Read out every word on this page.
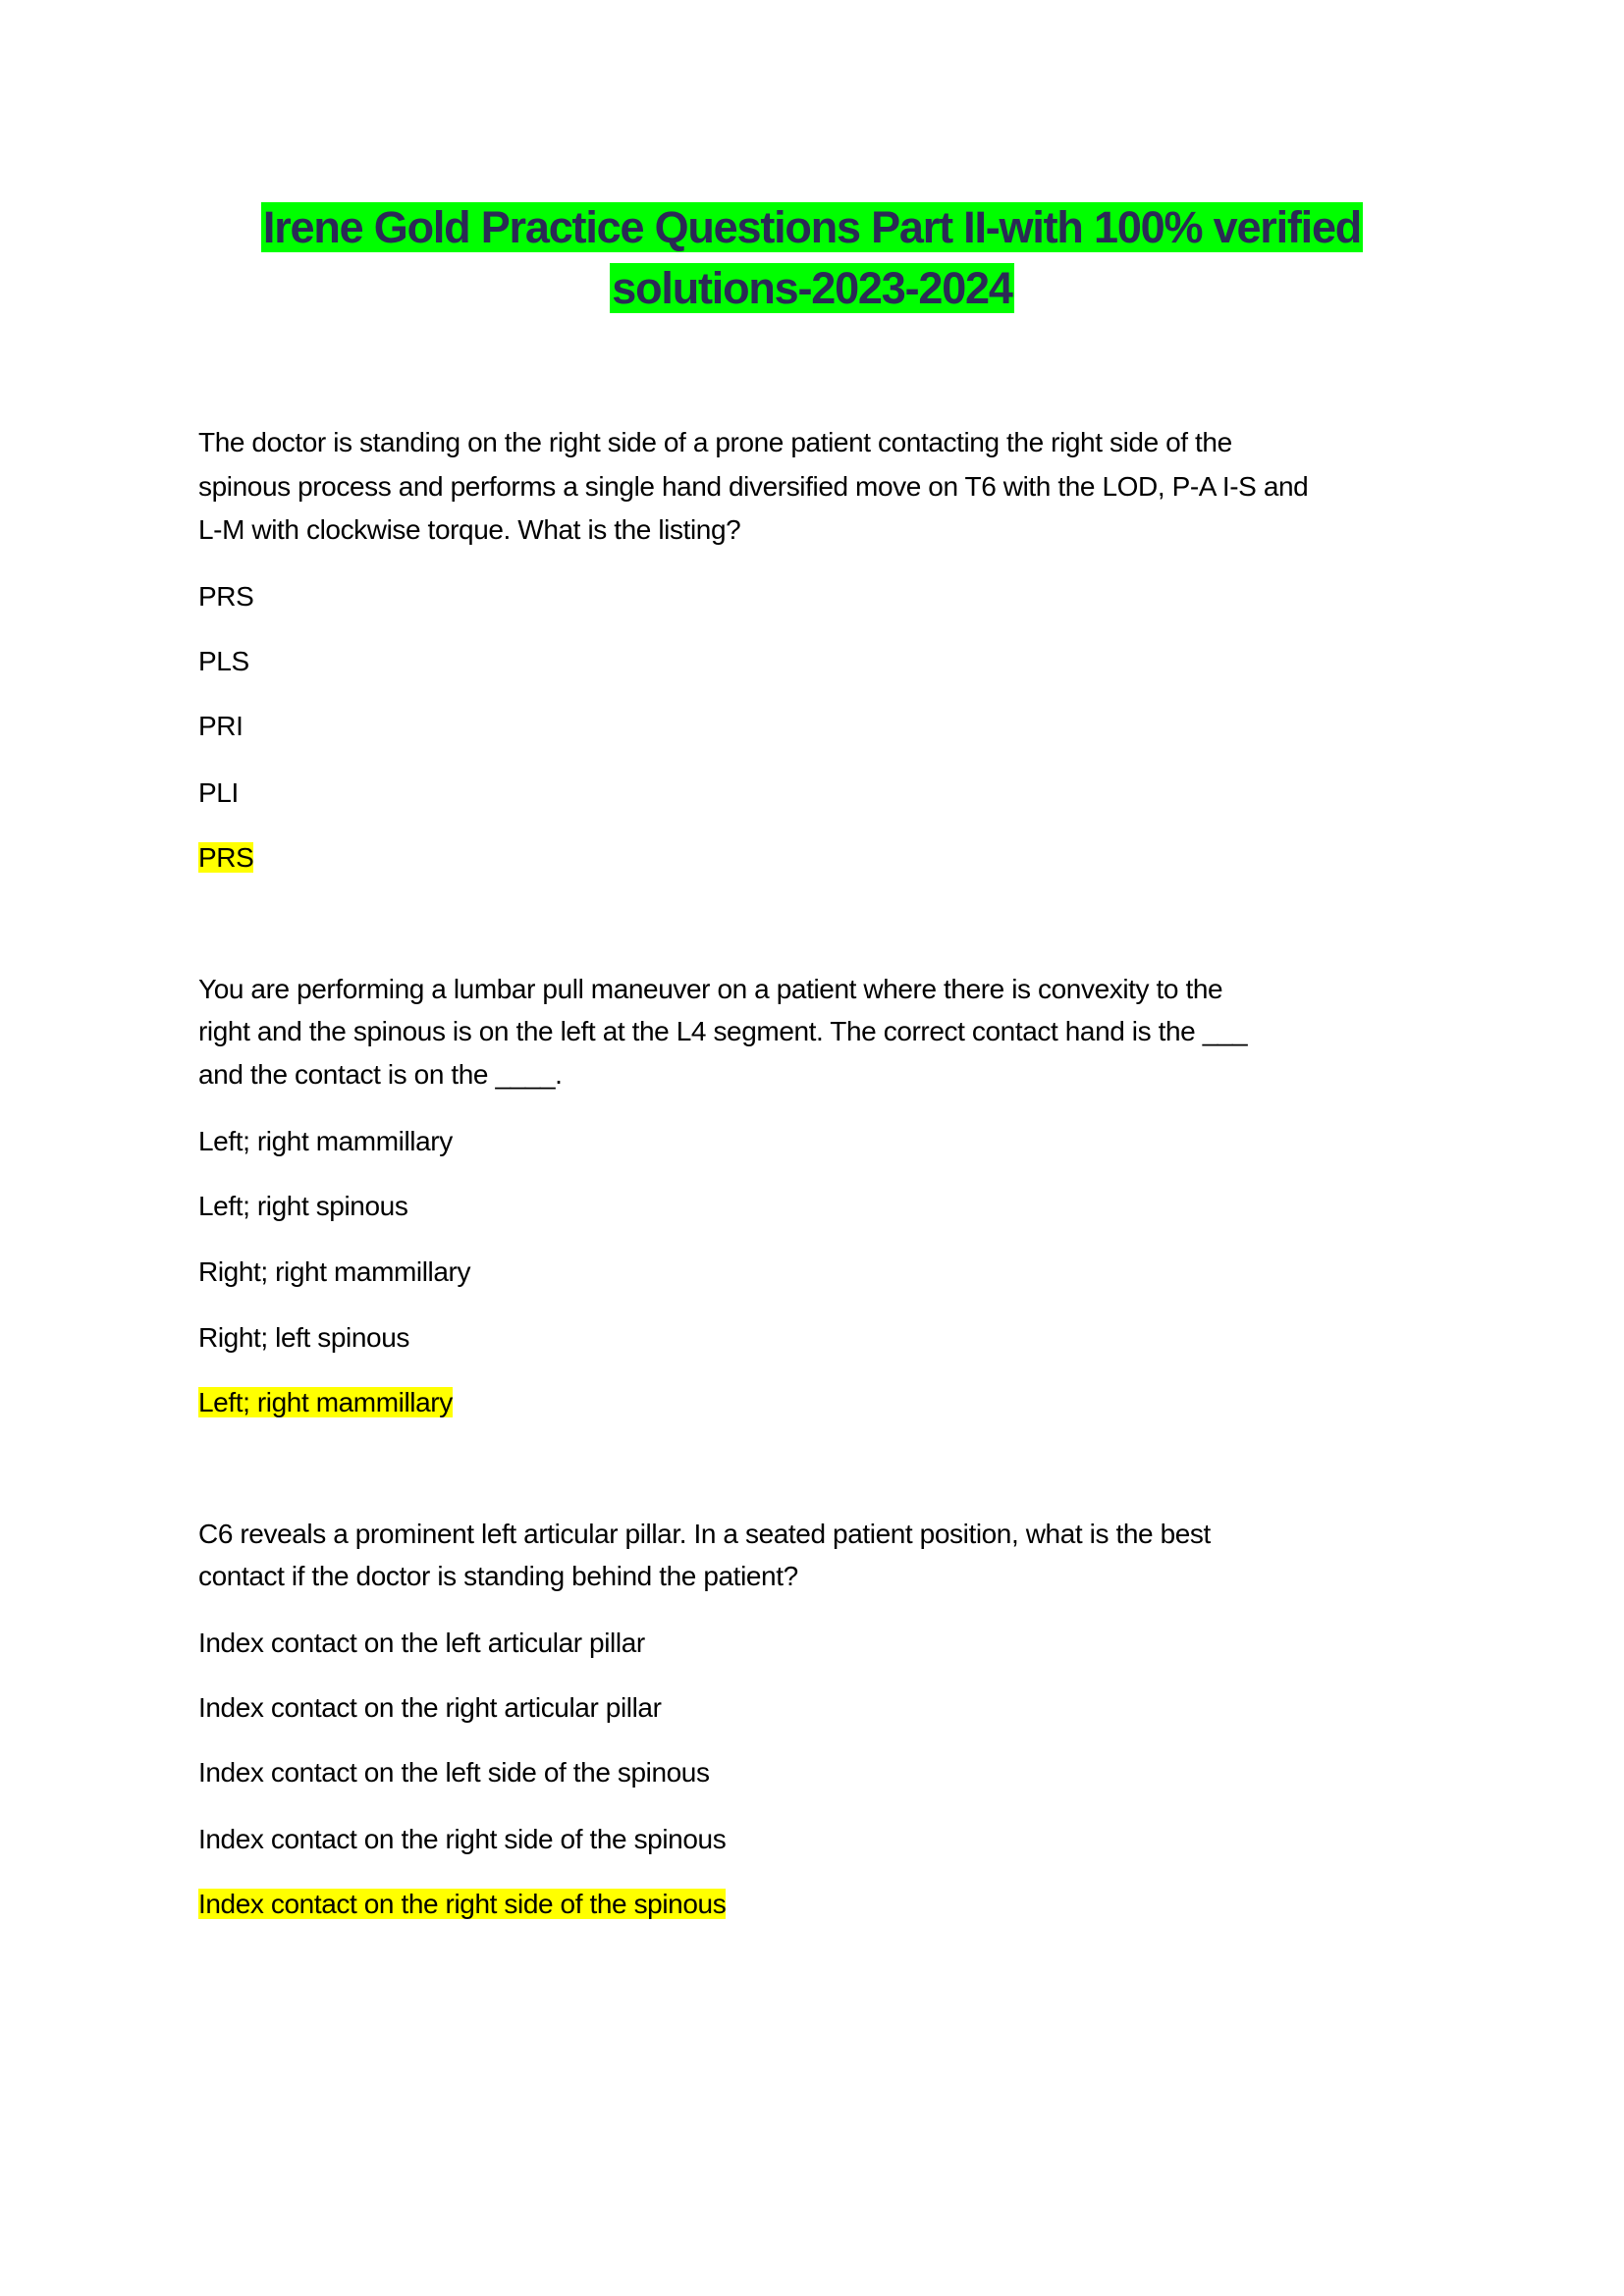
Irene Gold Practice Questions Part II-with 100% verified
solutions-2023-2024
The doctor is standing on the right side of a prone patient contacting the right side of the
spinous process and performs a single hand diversified move on T6 with the LOD, P-A I-S and
L-M with clockwise torque. What is the listing?
PRS
PLS
PRI
PLI
PRS
You are performing a lumbar pull maneuver on a patient where there is convexity to the
right and the spinous is on the left at the L4 segment. The correct contact hand is the ___
and the contact is on the ____.
Left; right mammillary
Left; right spinous
Right; right mammillary
Right; left spinous
Left; right mammillary
C6 reveals a prominent left articular pillar. In a seated patient position, what is the best
contact if the doctor is standing behind the patient?
Index contact on the left articular pillar
Index contact on the right articular pillar
Index contact on the left side of the spinous
Index contact on the right side of the spinous
Index contact on the right side of the spinous
